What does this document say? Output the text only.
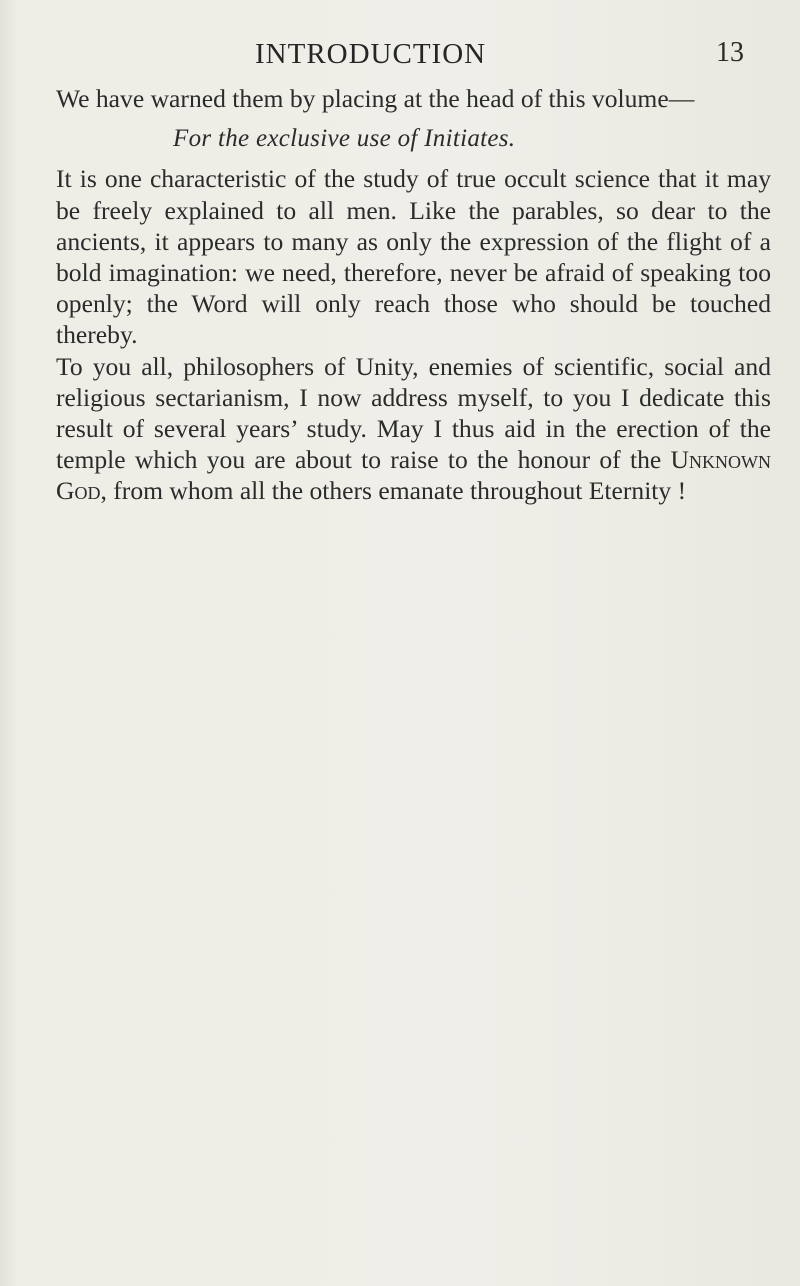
INTRODUCTION	13

We have warned them by placing at the head of this volume—

For the exclusive use of Initiates.

It is one characteristic of the study of true occult science that it may be freely explained to all men. Like the parables, so dear to the ancients, it appears to many as only the expression of the flight of a bold imagination: we need, therefore, never be afraid of speaking too openly; the Word will only reach those who should be touched thereby.

To you all, philosophers of Unity, enemies of scientific, social and religious sectarianism, I now address myself, to you I dedicate this result of several years’ study. May I thus aid in the erection of the temple which you are about to raise to the honour of the Unknown God, from whom all the others emanate throughout Eternity !
